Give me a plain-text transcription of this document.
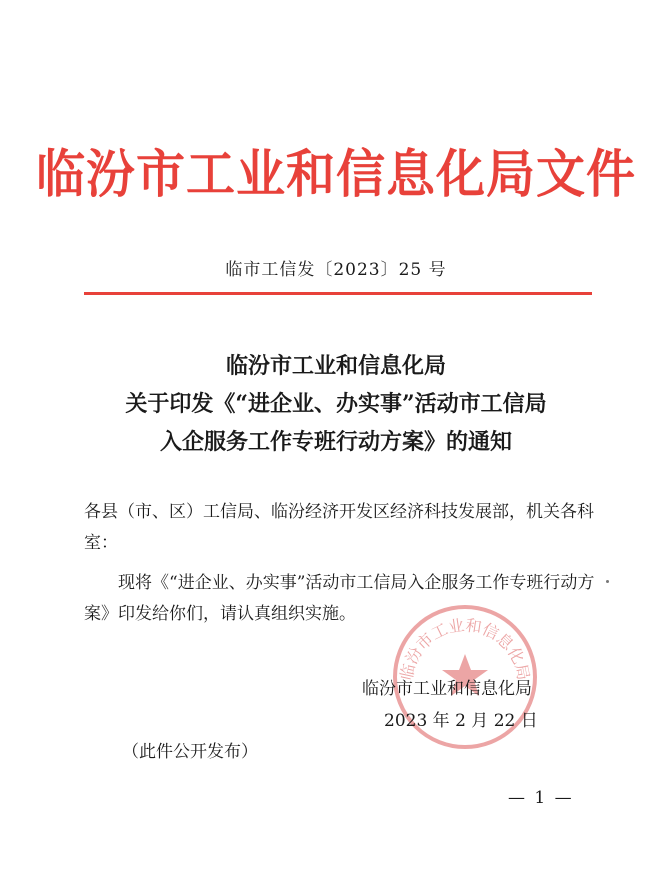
临汾市工业和信息化局文件
临市工信发〔2023〕25 号
临汾市工业和信息化局
关于印发《“进企业、办实事”活动市工信局
入企服务工作专班行动方案》的通知
各县（市、区）工信局、临汾经济开发区经济科技发展部，机关各科室：
现将《“进企业、办实事”活动市工信局入企服务工作专班行动方案》印发给你们，请认真组织实施。
临汾市工业和信息化局
临汾市工业和信息化局
2023 年 2 月 22 日
（此件公开发布）
— 1 —
